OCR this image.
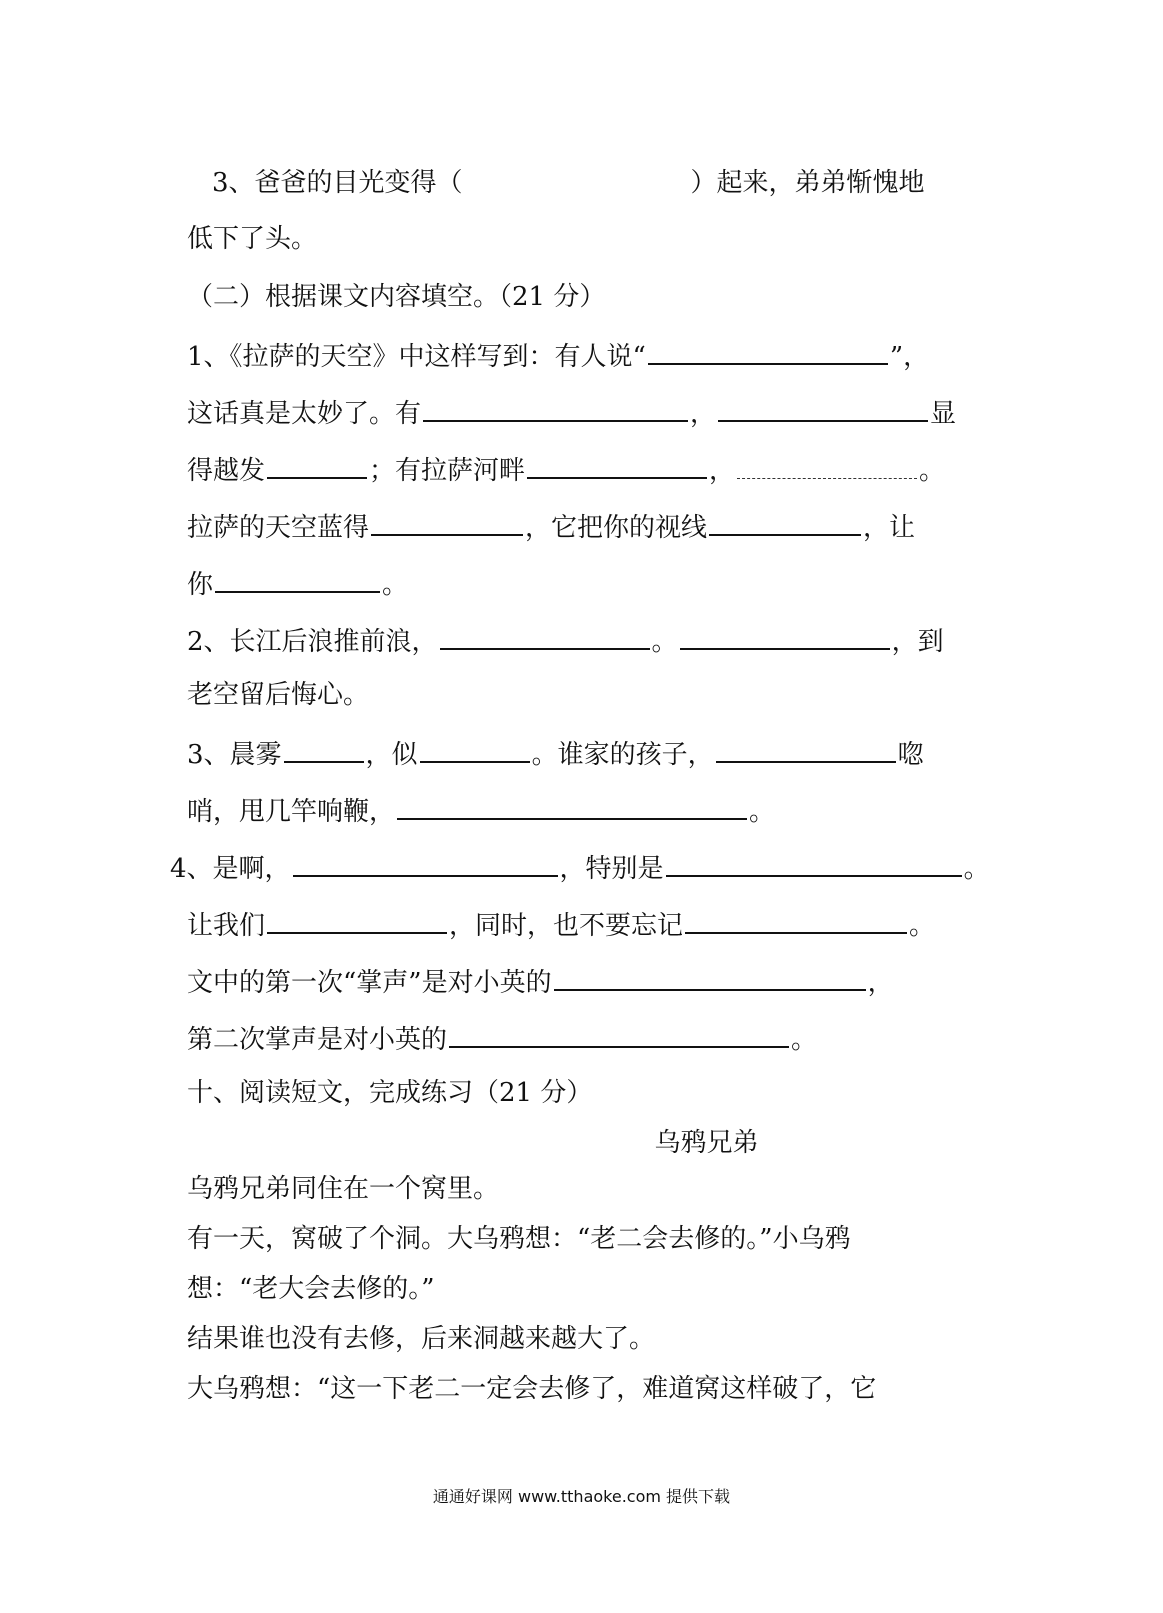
3、爸爸的目光变得（	）起来，弟弟惭愧地
低下了头。
（二）根据课文内容填空。（21 分）
1、《拉萨的天空》中这样写到：有人说“	”，
这话真是太妙了。有	，	显
得越发	；有拉萨河畔	，	。
拉萨的天空蓝得	，它把你的视线	，让
你	。
2、长江后浪推前浪，	。	，到
老空留后悔心。
3、晨雾	，似	。谁家的孩子，	唿
哨，甩几竿响鞭，	。
4、是啊，	，特别是	。
让我们	，同时，也不要忘记	。
文中的第一次“掌声”是对小英的	，
第二次掌声是对小英的	。
十、阅读短文，完成练习（21 分）
乌鸦兄弟
乌鸦兄弟同住在一个窝里。
有一天，窝破了个洞。大乌鸦想：“老二会去修的。”小乌鸦
想：“老大会去修的。”
结果谁也没有去修，后来洞越来越大了。
大乌鸦想：“这一下老二一定会去修了，难道窝这样破了，它
通通好课网 www.tthaoke.com 提供下载
